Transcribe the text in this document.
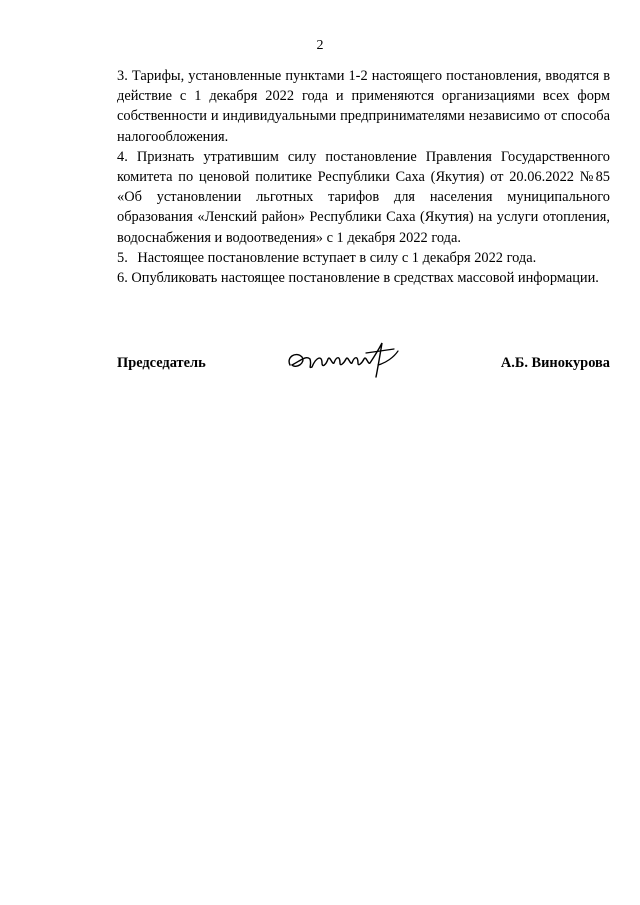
2

3. Тарифы, установленные пунктами 1-2 настоящего постановления, вводятся в действие с 1 декабря 2022 года и применяются организациями всех форм собственности и индивидуальными предпринимателями независимо от способа налогообложения.

4. Признать утратившим силу постановление Правления Государственного комитета по ценовой политике Республики Саха (Якутия) от 20.06.2022 №85 «Об установлении льготных тарифов для населения муниципального образования «Ленский район» Республики Саха (Якутия) на услуги отопления, водоснабжения и водоотведения» с 1 декабря 2022 года.

5. Настоящее постановление вступает в силу с 1 декабря 2022 года.

6. Опубликовать настоящее постановление в средствах массовой информации.

Председатель	А.Б. Винокурова
